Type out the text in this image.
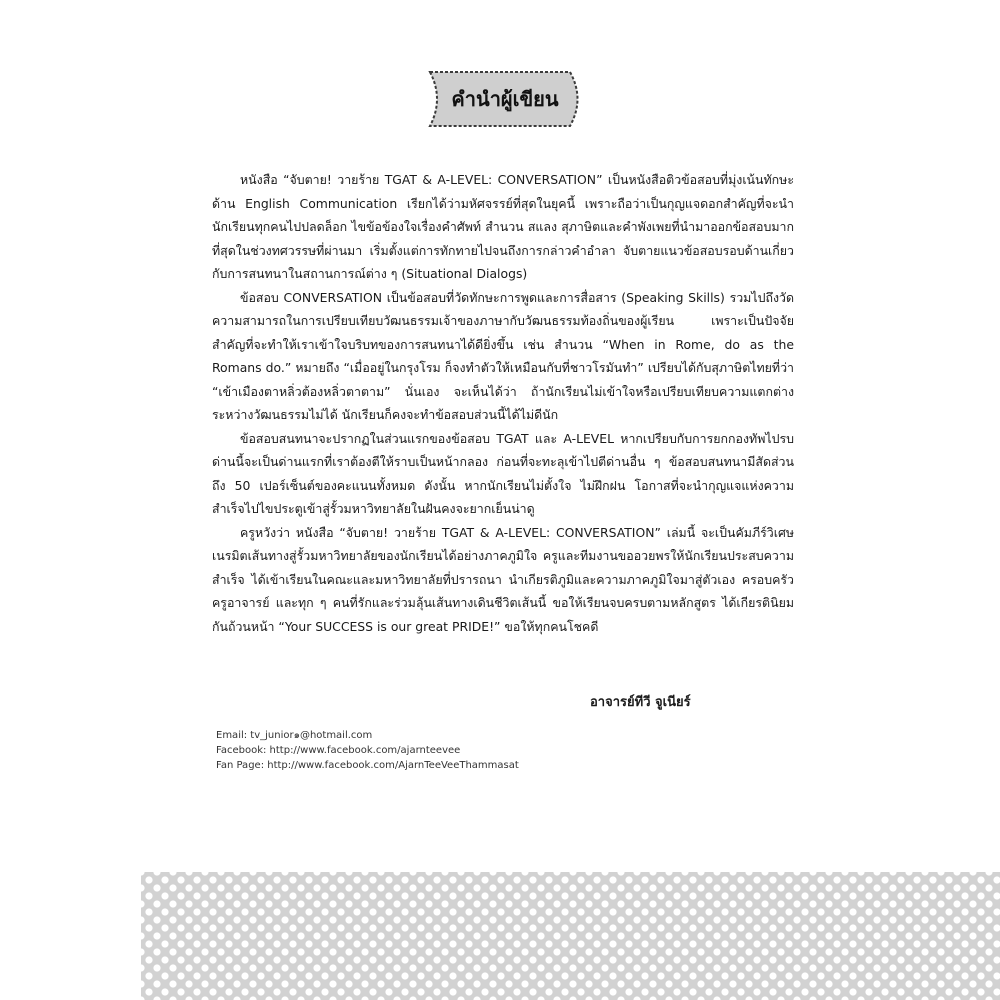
คำนำผู้เขียน

หนังสือ “จับตาย! วายร้าย TGAT & A-LEVEL: CONVERSATION” เป็นหนังสือติวข้อสอบที่มุ่งเน้นทักษะด้าน English Communication เรียกได้ว่ามหัศจรรย์ที่สุดในยุคนี้ เพราะถือว่าเป็นกุญแจดอกสำคัญที่จะนำนักเรียนทุกคนไปปลดล็อก ไขข้อข้องใจเรื่องคำศัพท์ สำนวน สแลง สุภาษิตและคำพังเพยที่นำมาออกข้อสอบมากที่สุดในช่วงทศวรรษที่ผ่านมา เริ่มตั้งแต่การทักทายไปจนถึงการกล่าวคำอำลา จับตายแนวข้อสอบรอบด้านเกี่ยวกับการสนทนาในสถานการณ์ต่าง ๆ (Situational Dialogs)

ข้อสอบ CONVERSATION เป็นข้อสอบที่วัดทักษะการพูดและการสื่อสาร (Speaking Skills) รวมไปถึงวัดความสามารถในการเปรียบเทียบวัฒนธรรมเจ้าของภาษากับวัฒนธรรมท้องถิ่นของผู้เรียน เพราะเป็นปัจจัยสำคัญที่จะทำให้เราเข้าใจบริบทของการสนทนาได้ดียิ่งขึ้น เช่น สำนวน “When in Rome, do as the Romans do.” หมายถึง “เมื่ออยู่ในกรุงโรม ก็จงทำตัวให้เหมือนกับที่ชาวโรมันทำ” เปรียบได้กับสุภาษิตไทยที่ว่า “เข้าเมืองตาหลิ่วต้องหลิ่วตาตาม” นั่นเอง จะเห็นได้ว่า ถ้านักเรียนไม่เข้าใจหรือเปรียบเทียบความแตกต่างระหว่างวัฒนธรรมไม่ได้ นักเรียนก็คงจะทำข้อสอบส่วนนี้ได้ไม่ดีนัก

ข้อสอบสนทนาจะปรากฏในส่วนแรกของข้อสอบ TGAT และ A-LEVEL หากเปรียบกับการยกกองทัพไปรบ ด่านนี้จะเป็นด่านแรกที่เราต้องตีให้ราบเป็นหน้ากลอง ก่อนที่จะทะลุเข้าไปตีด่านอื่น ๆ ข้อสอบสนทนามีสัดส่วนถึง 50 เปอร์เซ็นต์ของคะแนนทั้งหมด ดังนั้น หากนักเรียนไม่ตั้งใจ ไม่ฝึกฝน โอกาสที่จะนำกุญแจแห่งความสำเร็จไปไขประตูเข้าสู่รั้วมหาวิทยาลัยในฝันคงจะยากเย็นน่าดู

ครูหวังว่า หนังสือ “จับตาย! วายร้าย TGAT & A-LEVEL: CONVERSATION” เล่มนี้ จะเป็นคัมภีร์วิเศษเนรมิตเส้นทางสู่รั้วมหาวิทยาลัยของนักเรียนได้อย่างภาคภูมิใจ ครูและทีมงานขออวยพรให้นักเรียนประสบความสำเร็จ ได้เข้าเรียนในคณะและมหาวิทยาลัยที่ปรารถนา นำเกียรติภูมิและความภาคภูมิใจมาสู่ตัวเอง ครอบครัว ครูอาจารย์ และทุก ๆ คนที่รักและร่วมลุ้นเส้นทางเดินชีวิตเส้นนี้ ขอให้เรียนจบครบตามหลักสูตร ได้เกียรตินิยมกันถ้วนหน้า “Your SUCCESS is our great PRIDE!” ขอให้ทุกคนโชคดี

อาจารย์ทีวี จูเนียร์
Email: tv_junior๑@hotmail.com
Facebook: http://www.facebook.com/ajarnteevee
Fan Page: http://www.facebook.com/AjarnTeeVeeThammasat
